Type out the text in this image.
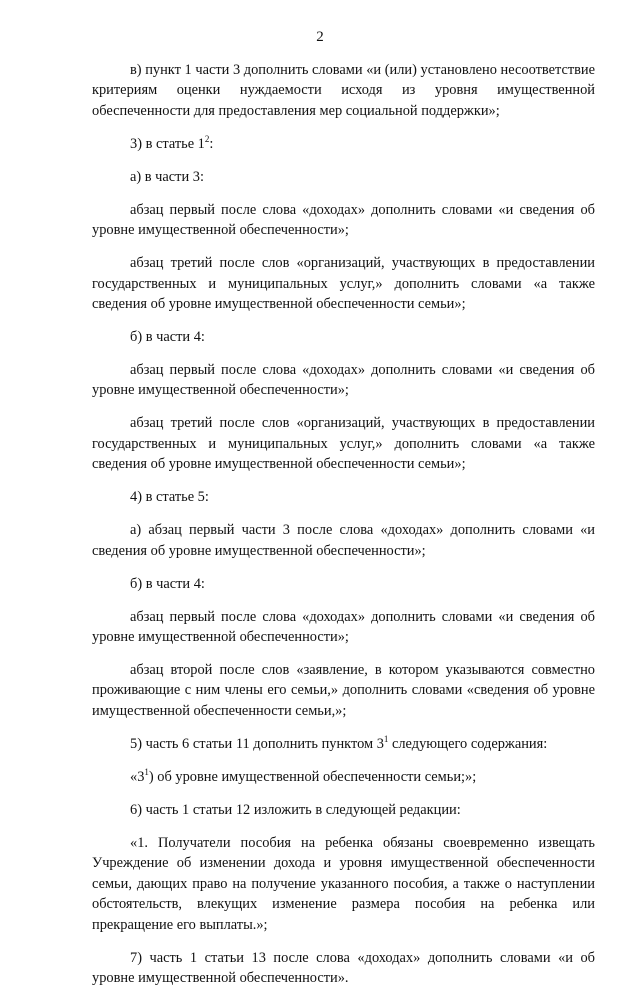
2

в) пункт 1 части 3 дополнить словами «и (или) установлено несоответствие критериям оценки нуждаемости исходя из уровня имущественной обеспеченности для предоставления мер социальной поддержки»;

3) в статье $1^2$:

а) в части 3:

абзац первый после слова «доходах» дополнить словами «и сведения об уровне имущественной обеспеченности»;

абзац третий после слов «организаций, участвующих в предоставлении государственных и муниципальных услуг,» дополнить словами «а также сведения об уровне имущественной обеспеченности семьи»;

б) в части 4:

абзац первый после слова «доходах» дополнить словами «и сведения об уровне имущественной обеспеченности»;

абзац третий после слов «организаций, участвующих в предоставлении государственных и муниципальных услуг,» дополнить словами «а также сведения об уровне имущественной обеспеченности семьи»;

4) в статье 5:

а) абзац первый части 3 после слова «доходах» дополнить словами «и сведения об уровне имущественной обеспеченности»;

б) в части 4:

абзац первый после слова «доходах» дополнить словами «и сведения об уровне имущественной обеспеченности»;

абзац второй после слов «заявление, в котором указываются совместно проживающие с ним члены его семьи,» дополнить словами «сведения об уровне имущественной обеспеченности семьи,»;

5) часть 6 статьи 11 дополнить пунктом $3^1$ следующего содержания:

«$3^1$) об уровне имущественной обеспеченности семьи;»;

6) часть 1 статьи 12 изложить в следующей редакции:

«1. Получатели пособия на ребенка обязаны своевременно извещать Учреждение об изменении дохода и уровня имущественной обеспеченности семьи, дающих право на получение указанного пособия, а также о наступлении обстоятельств, влекущих изменение размера пособия на ребенка или прекращение его выплаты.»;

7) часть 1 статьи 13 после слова «доходах» дополнить словами «и об уровне имущественной обеспеченности».
